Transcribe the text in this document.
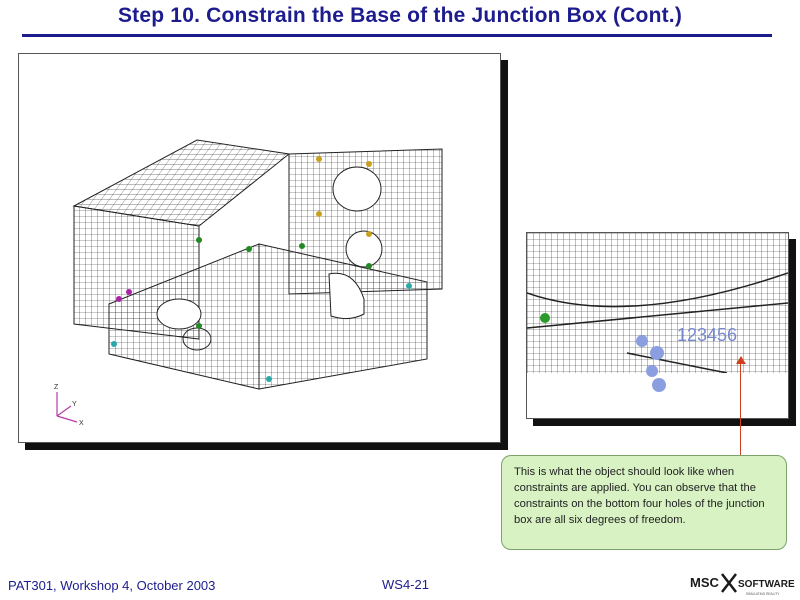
Step 10. Constrain the Base of the Junction Box (Cont.)
Z
Y
X
123456
This is what the object should look like when constraints are applied. You can observe that the constraints on the bottom four holes of the junction box are all six degrees of freedom.
PAT301, Workshop 4, October 2003	WS4-21	MSC SOFTWARE
SIMULATING REALITY
